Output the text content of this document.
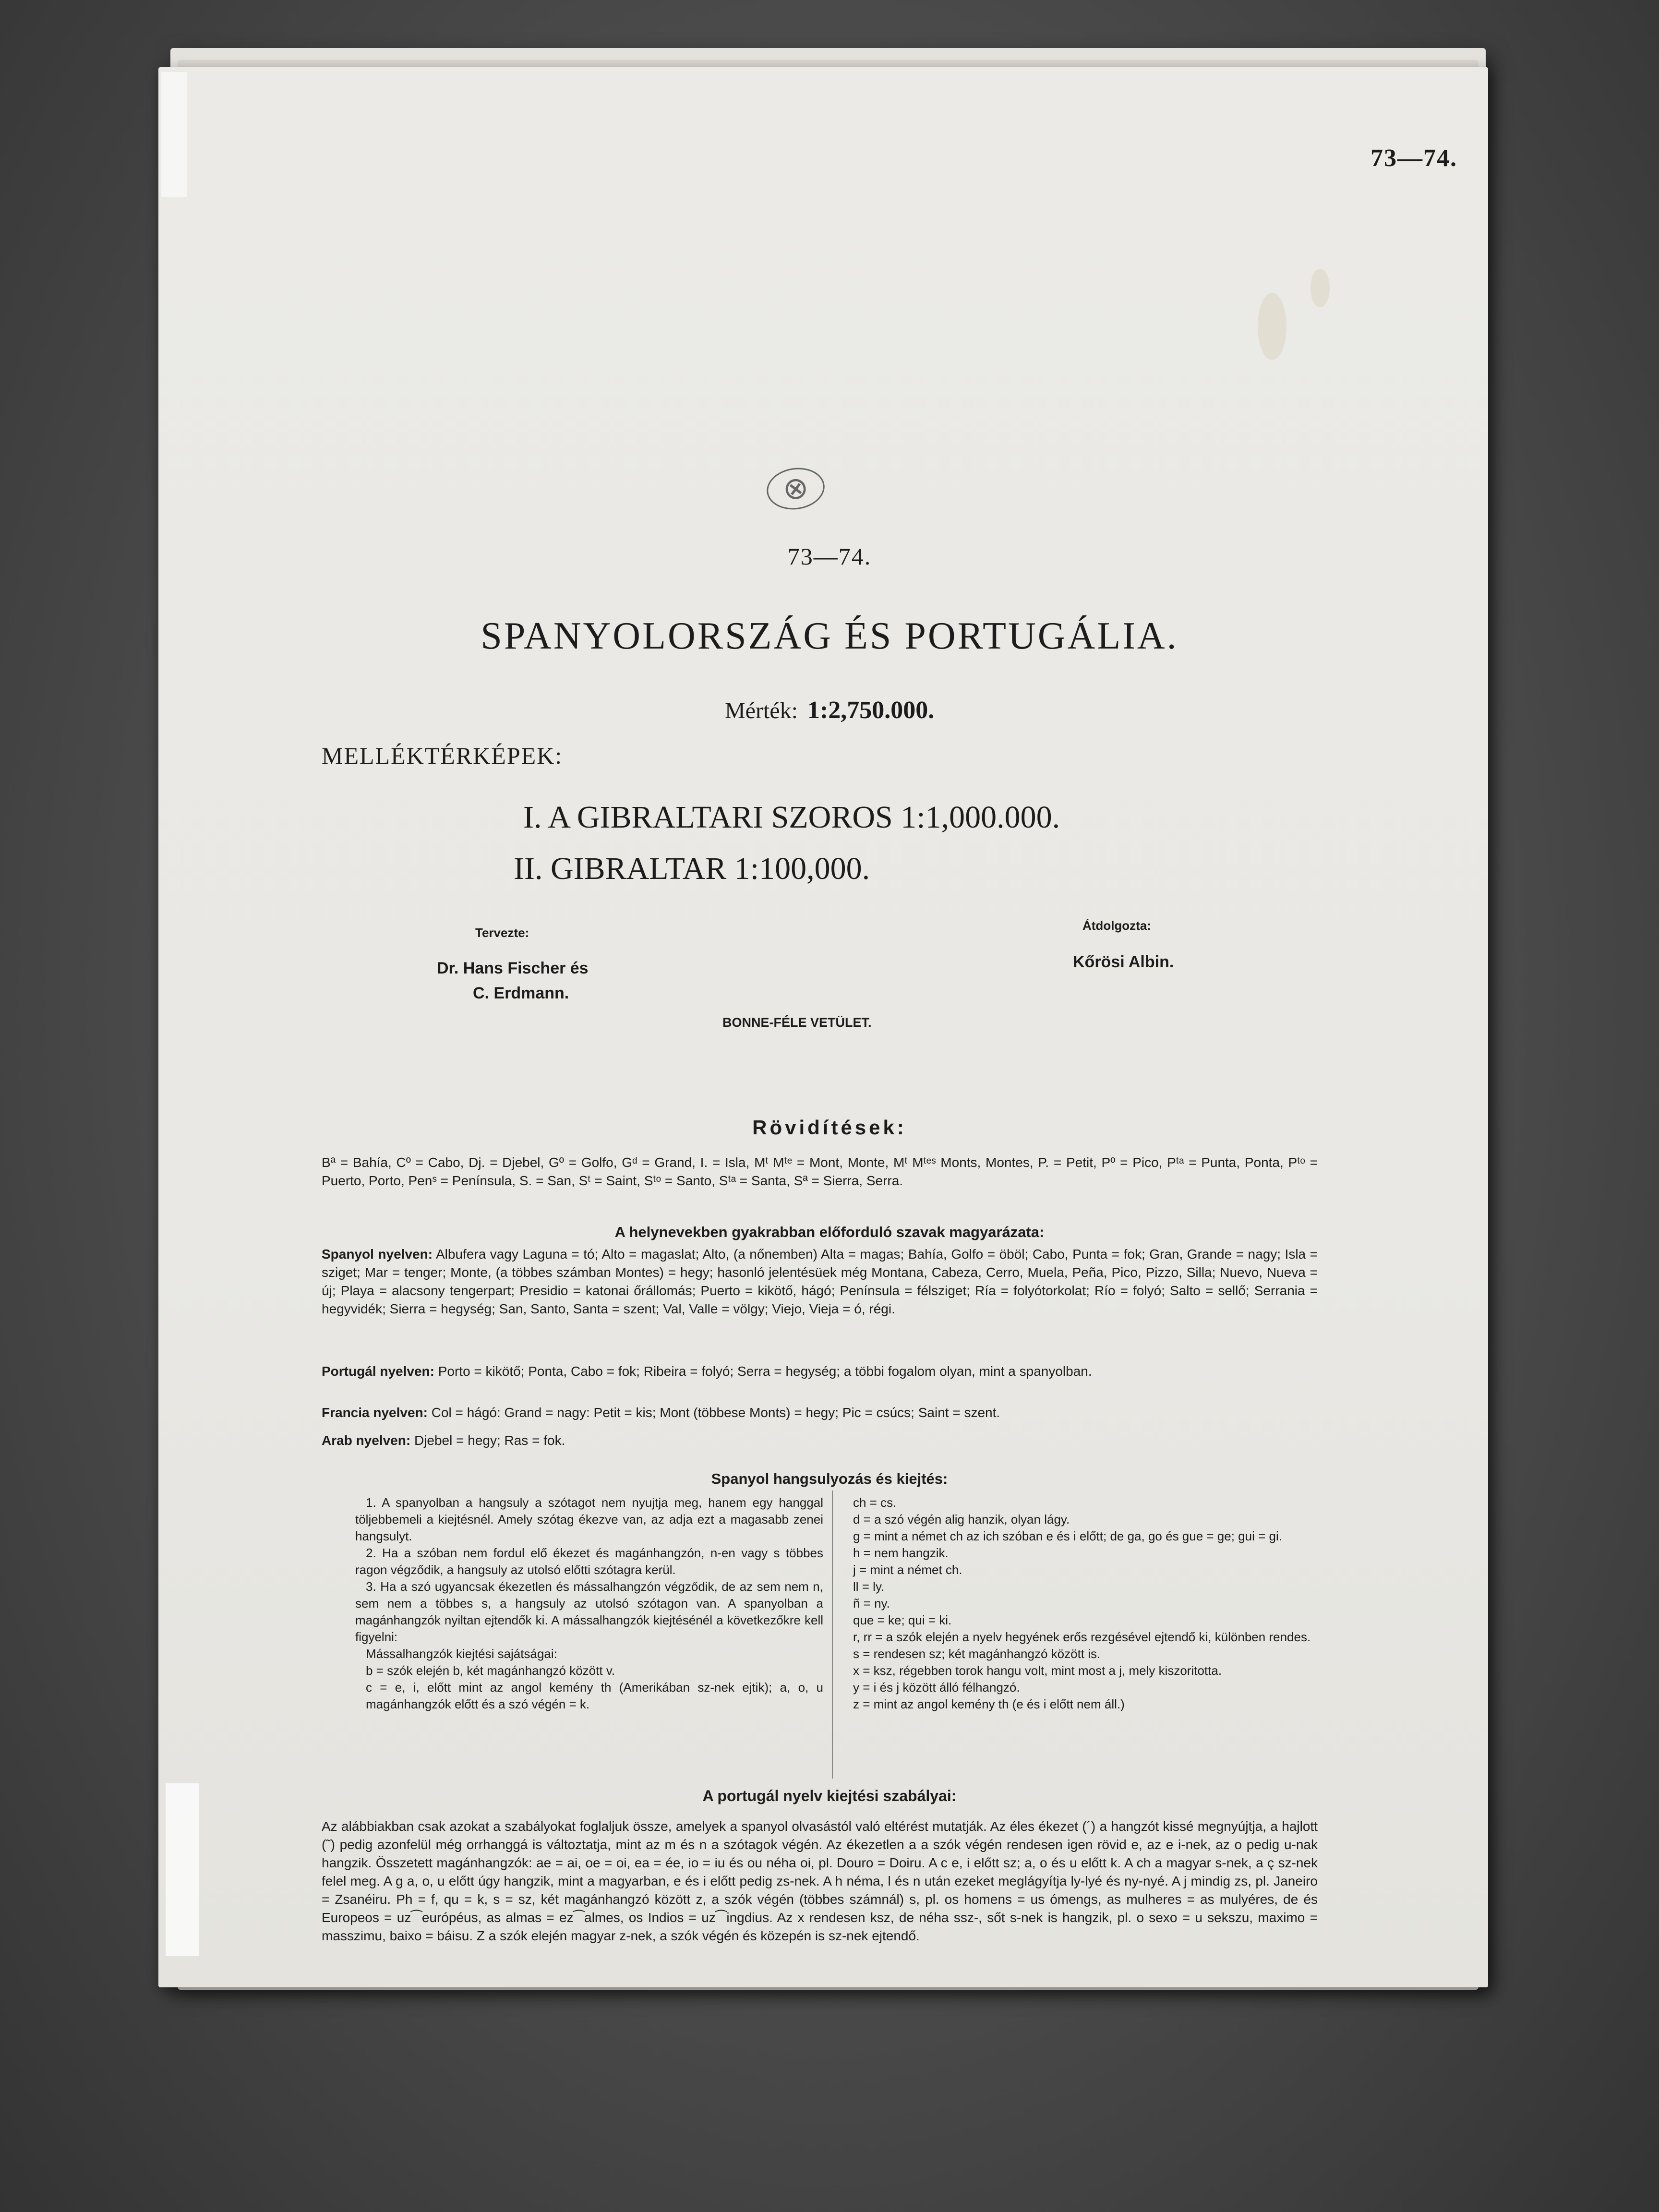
73—74.
⊗
73—74.
SPANYOLORSZÁG ÉS PORTUGÁLIA.
Mérték: 1:2,750.000.
MELLÉKTÉRKÉPEK:
I. A GIBRALTARI SZOROS 1:1,000.000.
II. GIBRALTAR 1:100,000.
Tervezte:
Dr. Hans Fischer és
C. Erdmann.
Átdolgozta:
Kőrösi Albin.
BONNE-FÉLE VETÜLET.
Rövidítések:
Bª = Bahía, Cº = Cabo, Dj. = Djebel, Gº = Golfo, Gᵈ = Grand, I. = Isla, Mᵗ Mᵗᵉ = Mont, Monte, Mᵗ Mᵗᵉˢ Monts, Montes, P. = Petit, Pº = Pico, Pᵗᵃ = Punta, Ponta, Pᵗᵒ = Puerto, Porto, Penˢ = Península, S. = San, Sᵗ = Saint, Sᵗᵒ = Santo, Sᵗᵃ = Santa, Sª = Sierra, Serra.
A helynevekben gyakrabban előforduló szavak magyarázata:
Spanyol nyelven: Albufera vagy Laguna = tó; Alto = magaslat; Alto, (a nőnemben) Alta = magas; Bahía, Golfo = öböl; Cabo, Punta = fok; Gran, Grande = nagy; Isla = sziget; Mar = tenger; Monte, (a többes számban Montes) = hegy; hasonló jelentésüek még Montana, Cabeza, Cerro, Muela, Peña, Pico, Pizzo, Silla; Nuevo, Nueva = új; Playa = alacsony tengerpart; Presidio = katonai őrállomás; Puerto = kikötő, hágó; Península = félsziget; Ría = folyótorkolat; Río = folyó; Salto = sellő; Serrania = hegyvidék; Sierra = hegység; San, Santo, Santa = szent; Val, Valle = völgy; Viejo, Vieja = ó, régi.
Portugál nyelven: Porto = kikötő; Ponta, Cabo = fok; Ribeira = folyó; Serra = hegység; a többi fogalom olyan, mint a spanyolban.
Francia nyelven: Col = hágó: Grand = nagy: Petit = kis; Mont (többese Monts) = hegy; Pic = csúcs; Saint = szent.
Arab nyelven: Djebel = hegy; Ras = fok.
Spanyol hangsulyozás és kiejtés:

1. A spanyolban a hangsuly a szótagot nem nyujtja meg, hanem egy hanggal töljebbemeli a kiejtésnél. Amely szótag ékezve van, az adja ezt a magasabb zenei hangsulyt.

2. Ha a szóban nem fordul elő ékezet és magánhangzón, n-en vagy s többes ragon végződik, a hangsuly az utolsó előtti szótagra kerül.

3. Ha a szó ugyancsak ékezetlen és mássalhangzón végződik, de az sem nem n, sem nem a többes s, a hangsuly az utolsó szótagon van. A spanyolban a magánhangzók nyiltan ejtendők ki. A mássalhangzók kiejtésénél a következőkre kell figyelni:

Mássalhangzók kiejtési sajátságai:

b = szók elején b, két magánhangzó között v.

c = e, i, előtt mint az angol kemény th (Amerikában sz-nek ejtik); a, o, u magánhangzók előtt és a szó végén = k.

ch = cs.

d = a szó végén alig hanzik, olyan lágy.

g = mint a német ch az ich szóban e és i előtt; de ga, go és gue = ge; gui = gi.

h = nem hangzik.

j = mint a német ch.

ll = ly.

ñ = ny.

que = ke; qui = ki.

r, rr = a szók elején a nyelv hegyének erős rezgésével ejtendő ki, különben rendes.

s = rendesen sz; két magánhangzó között is.

x = ksz, régebben torok hangu volt, mint most a j, mely kiszoritotta.

y = i és j között álló félhangzó.

z = mint az angol kemény th (e és i előtt nem áll.)

A portugál nyelv kiejtési szabályai:
Az alábbiakban csak azokat a szabályokat foglaljuk össze, amelyek a spanyol olvasástól való eltérést mutatják. Az éles ékezet (´) a hangzót kissé megnyújtja, a hajlott (˜) pedig azonfelül még orrhanggá is változtatja, mint az m és n a szótagok végén. Az ékezetlen a a szók végén rendesen igen rövid e, az e i-nek, az o pedig u-nak hangzik. Összetett magánhangzók: ae = ai, oe = oi, ea = ée, io = iu és ou néha oi, pl. Douro = Doiru. A c e, i előtt sz; a, o és u előtt k. A ch a magyar s-nek, a ç sz-nek felel meg. A g a, o, u előtt úgy hangzik, mint a magyarban, e és i előtt pedig zs-nek. A h néma, l és n után ezeket meglágyítja ly-lyé és ny-nyé. A j mindig zs, pl. Janeiro = Zsanéiru. Ph = f, qu = k, s = sz, két magánhangzó között z, a szók végén (többes számnál) s, pl. os homens = us ómengs, as mulheres = as mulyéres, de és Europeos = uz⁀európéus, as almas = ez⁀almes, os Indios = uz⁀ingdius. Az x rendesen ksz, de néha ssz-, sőt s-nek is hangzik, pl. o sexo = u sekszu, maximo = masszimu, baixo = báisu. Z a szók elején magyar z-nek, a szók végén és közepén is sz-nek ejtendő.
